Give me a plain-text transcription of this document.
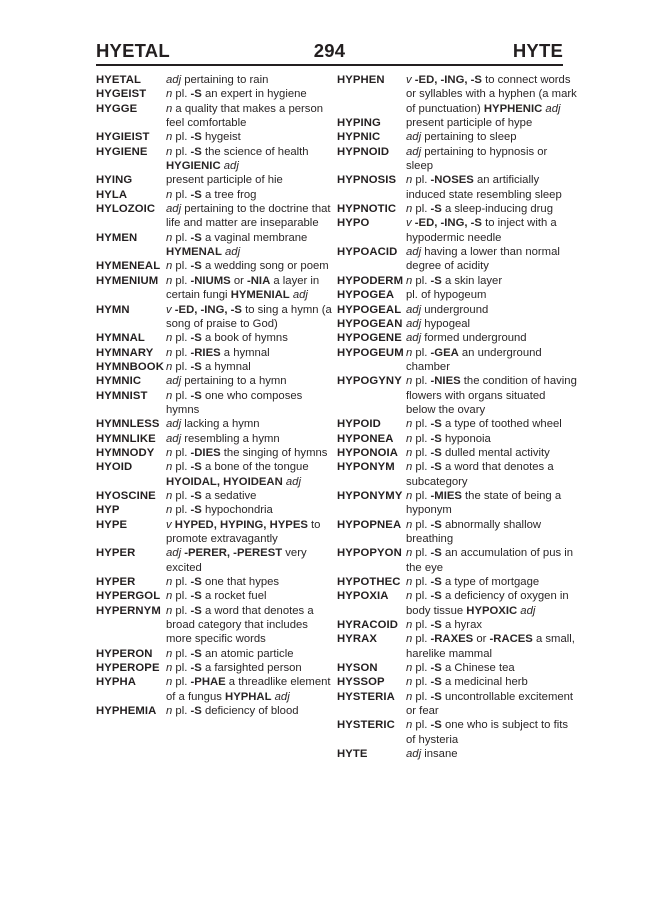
294
HYETAL	HYTE
HYETAL adj pertaining to rain
HYGEIST n pl. -S an expert in hygiene
HYGGE	n a quality that makes a person feel comfortable
HYGIEIST n pl. -S hygeist
HYGIENE n pl. -S the science of health HYGIENIC adj
HYING	present participle of hie
HYLA	n pl. -S a tree frog
HYLOZOIC adj pertaining to the doctrine that life and matter are inseparable
HYMEN	n pl. -S a vaginal membrane HYMENAL adj
HYMENEAL n pl. -S a wedding song or poem
HYMENIUM n pl. -NIUMS or -NIA a layer in certain fungi HYMENIAL adj
HYMN	v -ED, -ING, -S to sing a hymn (a song of praise to God)
HYMNAL n pl. -S a book of hymns
HYMNARY n pl. -RIES a hymnal
HYMNBOOK n pl. -S a hymnal
HYMNIC adj pertaining to a hymn
HYMNIST n pl. -S one who composes hymns
HYMNLESS adj lacking a hymn
HYMNLIKE adj resembling a hymn
HYMNODY n pl. -DIES the singing of hymns
HYOID	n pl. -S a bone of the tongue HYOIDAL, HYOIDEAN adj
HYOSCINE n pl. -S a sedative
HYP	n pl. -S hypochondria
HYPE	v HYPED, HYPING, HYPES to promote extravagantly
HYPER	adj -PERER, -PEREST very excited
HYPER	n pl. -S one that hypes
HYPERGOL n pl. -S a rocket fuel
HYPERNYM n pl. -S a word that denotes a broad category that includes more specific words
HYPERON n pl. -S an atomic particle
HYPEROPE n pl. -S a farsighted person
HYPHA	n pl. -PHAE a threadlike element of a fungus HYPHAL adj
HYPHEMIA n pl. -S deficiency of blood
HYPHEN v -ED, -ING, -S to connect words or syllables with a hyphen (a mark of punctuation) HYPHENIC adj
HYPING present participle of hype
HYPNIC adj pertaining to sleep
HYPNOID adj pertaining to hypnosis or sleep
HYPNOSIS n pl. -NOSES an artificially induced state resembling sleep
HYPNOTIC n pl. -S a sleep-inducing drug
HYPO	v -ED, -ING, -S to inject with a hypodermic needle
HYPOACID adj having a lower than normal degree of acidity
HYPODERM n pl. -S a skin layer
HYPOGEA pl. of hypogeum
HYPOGEAL adj underground
HYPOGEAN adj hypogeal
HYPOGENE adj formed underground
HYPOGEUM n pl. -GEA an underground chamber
HYPOGYNY n pl. -NIES the condition of having flowers with organs situated below the ovary
HYPOID n pl. -S a type of toothed wheel
HYPONEA n pl. -S hyponoia
HYPONOIA n pl. -S dulled mental activity
HYPONYM n pl. -S a word that denotes a subcategory
HYPONYMY n pl. -MIES the state of being a hyponym
HYPOPNEA n pl. -S abnormally shallow breathing
HYPOPYON n pl. -S an accumulation of pus in the eye
HYPOTHEC n pl. -S a type of mortgage
HYPOXIA n pl. -S a deficiency of oxygen in body tissue HYPOXIC adj
HYRACOID n pl. -S a hyrax
HYRAX	n pl. -RAXES or -RACES a small, harelike mammal
HYSON	n pl. -S a Chinese tea
HYSSOP n pl. -S a medicinal herb
HYSTERIA n pl. -S uncontrollable excitement or fear
HYSTERIC n pl. -S one who is subject to fits of hysteria
HYTE	adj insane
